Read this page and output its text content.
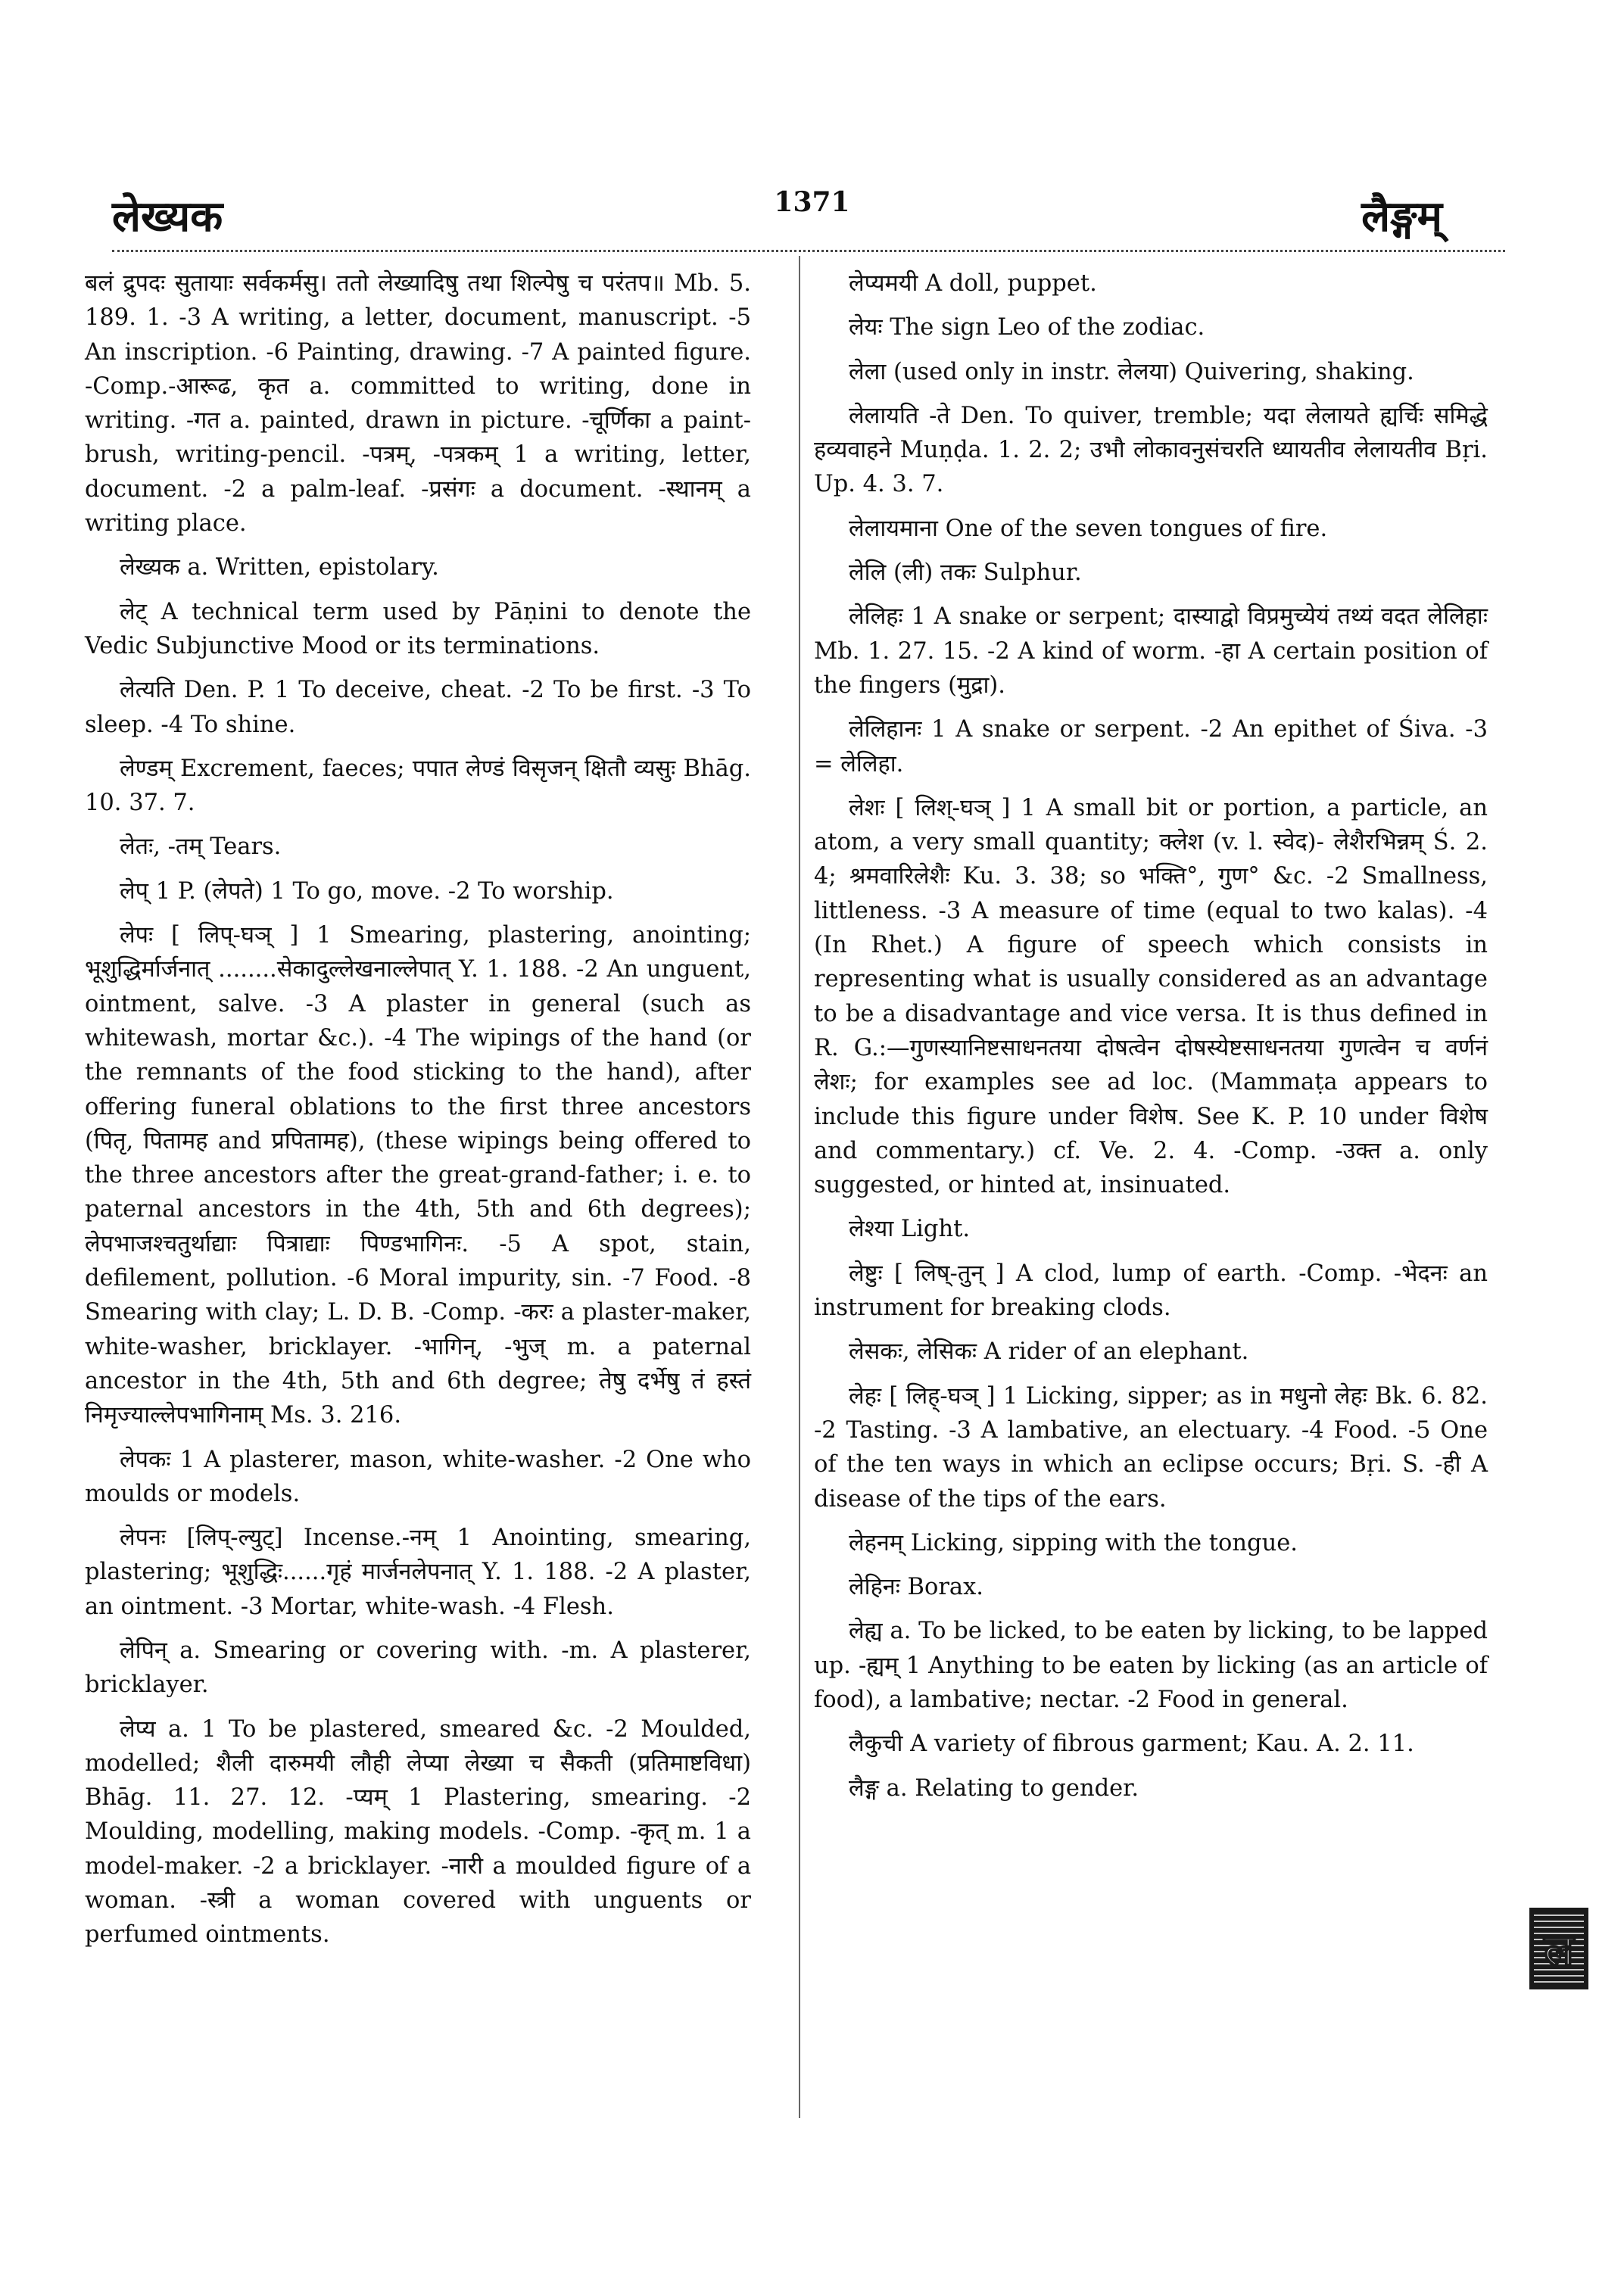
लेख्यक	1371	लैङ्गम्

बलं द्रुपदः सुतायाः सर्वकर्मसु। ततो लेख्यादिषु तथा शिल्पेषु च परंतप॥ Mb. 5. 189. 1. -3 A writing, a letter, document, manuscript. -5 An inscription. -6 Painting, drawing. -7 A painted figure. -Comp.-आरूढ, कृत a. committed to writing, done in writing. -गत a. painted, drawn in picture. -चूर्णिका a paint-brush, writing-pencil. -पत्रम्, -पत्रकम् 1 a writing, letter, document. -2 a palm-leaf. -प्रसंगः a document. -स्थानम् a writing place.

लेख्यक a. Written, epistolary.

लेट् A technical term used by Pāṇini to denote the Vedic Subjunctive Mood or its terminations.

लेत्यति Den. P. 1 To deceive, cheat. -2 To be first. -3 To sleep. -4 To shine.

लेण्डम् Excrement, faeces; पपात लेण्डं विसृजन् क्षितौ व्यसुः Bhāg. 10. 37. 7.

लेतः, -तम् Tears.

लेप् 1 P. (लेपते) 1 To go, move. -2 To worship.

लेपः [ लिप्-घञ् ] 1 Smearing, plastering, anointing; भूशुद्धिर्मार्जनात् ........सेकादुल्लेखनाल्लेपात् Y. 1. 188. -2 An unguent, ointment, salve. -3 A plaster in general (such as whitewash, mortar &c.). -4 The wipings of the hand (or the remnants of the food sticking to the hand), after offering funeral oblations to the first three ancestors (पितृ, पितामह and प्रपितामह), (these wipings being offered to the three ancestors after the great-grand-father; i. e. to paternal ancestors in the 4th, 5th and 6th degrees); लेपभाजश्चतुर्थाद्याः पित्राद्याः पिण्डभागिनः. -5 A spot, stain, defilement, pollution. -6 Moral impurity, sin. -7 Food. -8 Smearing with clay; L. D. B. -Comp. -करः a plaster-maker, white-washer, bricklayer. -भागिन्, -भुज् m. a paternal ancestor in the 4th, 5th and 6th degree; तेषु दर्भेषु तं हस्तं निमृज्याल्लेपभागिनाम् Ms. 3. 216.

लेपकः 1 A plasterer, mason, white-washer. -2 One who moulds or models.

लेपनः [लिप्-ल्युट्] Incense.-नम् 1 Anointing, smearing, plastering; भूशुद्धिः......गृहं मार्जनलेपनात् Y. 1. 188. -2 A plaster, an ointment. -3 Mortar, white-wash. -4 Flesh.

लेपिन् a. Smearing or covering with. -m. A plasterer, bricklayer.

लेप्य a. 1 To be plastered, smeared &c. -2 Moulded, modelled; शैली दारुमयी लौही लेप्या लेख्या च सैकती (प्रतिमाष्टविधा) Bhāg. 11. 27. 12. -प्यम् 1 Plastering, smearing. -2 Moulding, modelling, making models. -Comp. -कृत् m. 1 a model-maker. -2 a bricklayer. -नारी a moulded figure of a woman. -स्त्री a woman covered with unguents or perfumed ointments.

लेप्यमयी A doll, puppet.

लेयः The sign Leo of the zodiac.

लेला (used only in instr. लेलया) Quivering, shaking.

लेलायति -ते Den. To quiver, tremble; यदा लेलायते ह्यर्चिः समिद्धे हव्यवाहने Muṇḍa. 1. 2. 2; उभौ लोकावनुसंचरति ध्यायतीव लेलायतीव Bṛi. Up. 4. 3. 7.

लेलायमाना One of the seven tongues of fire.

लेलि (ली) तकः Sulphur.

लेलिहः 1 A snake or serpent; दास्याद्वो विप्रमुच्येयं तथ्यं वदत लेलिहाः Mb. 1. 27. 15. -2 A kind of worm. -हा A certain position of the fingers (मुद्रा).

लेलिहानः 1 A snake or serpent. -2 An epithet of Śiva. -3 = लेलिहा.

लेशः [ लिश्-घञ् ] 1 A small bit or portion, a particle, an atom, a very small quantity; क्लेश (v. l. स्वेद)- लेशैरभिन्नम् Ś. 2. 4; श्रमवारिलेशैः Ku. 3. 38; so भक्ति°, गुण° &c. -2 Smallness, littleness. -3 A measure of time (equal to two kalas). -4 (In Rhet.) A figure of speech which consists in representing what is usually considered as an advantage to be a disadvantage and vice versa. It is thus defined in R. G.:—गुणस्यानिष्टसाधनतया दोषत्वेन दोषस्येष्टसाधनतया गुणत्वेन च वर्णनं लेशः; for examples see ad loc. (Mammaṭa appears to include this figure under विशेष. See K. P. 10 under विशेष and commentary.) cf. Ve. 2. 4. -Comp. -उक्त a. only suggested, or hinted at, insinuated.

लेश्या Light.

लेष्टुः [ लिष्-तुन् ] A clod, lump of earth. -Comp. -भेदनः an instrument for breaking clods.

लेसकः, लेसिकः A rider of an elephant.

लेहः [ लिह्-घञ् ] 1 Licking, sipper; as in मधुनो लेहः Bk. 6. 82. -2 Tasting. -3 A lambative, an electuary. -4 Food. -5 One of the ten ways in which an eclipse occurs; Bṛi. S. -ही A disease of the tips of the ears.

लेहनम् Licking, sipping with the tongue.

लेहिनः Borax.

लेह्य a. To be licked, to be eaten by licking, to be lapped up. -ह्यम् 1 Anything to be eaten by licking (as an article of food), a lambative; nectar. -2 Food in general.

लैकुची A variety of fibrous garment; Kau. A. 2. 11.

लैङ्ग a. Relating to gender.

ल
